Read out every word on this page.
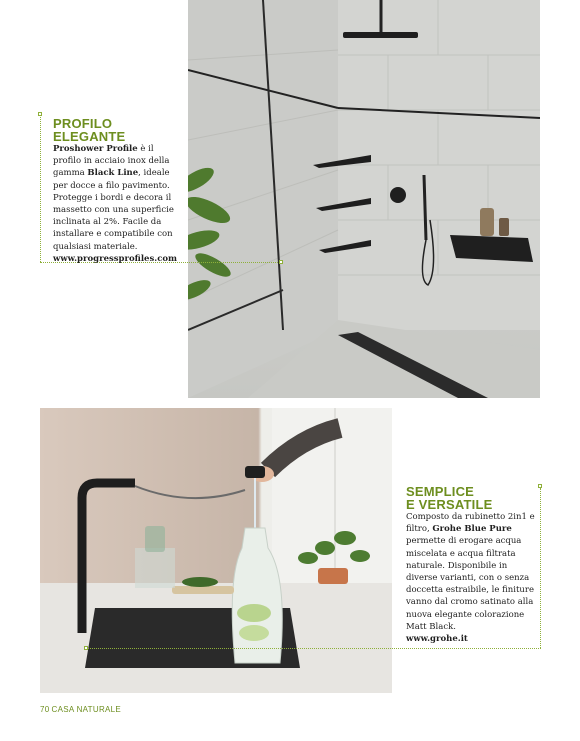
PROFILO ELEGANTE

Proshower Profile è il profilo in acciaio inox della gamma Black Line, ideale per docce a filo pavimento. Protegge i bordi e decora il massetto con una superficie inclinata al 2%. Facile da installare e compatibile con qualsiasi materiale.

www.progressprofiles.com

SEMPLICE
E VERSATILE

Composto da rubinetto 2in1 e filtro, Grohe Blue Pure permette di erogare acqua miscelata e acqua filtrata naturale. Disponibile in diverse varianti, con o senza doccetta estraibile, le finiture vanno dal cromo satinato alla nuova elegante colorazione Matt Black.

www.grohe.it

70 CASA NATURALE
